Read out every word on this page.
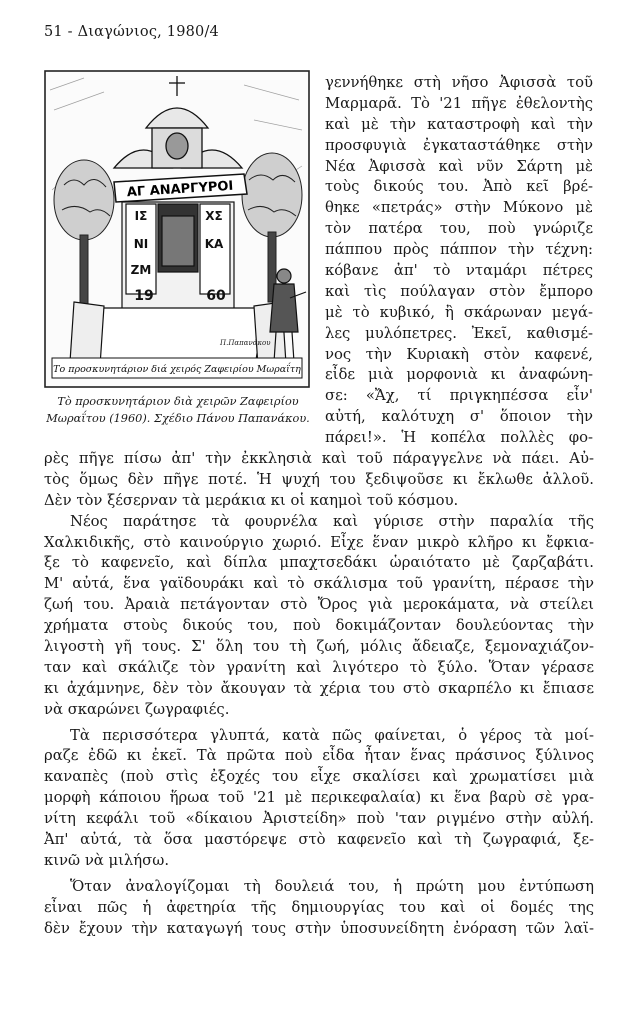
51 - Διαγώνιος, 1980/4
ΑΓ ΑΝΑΡΓΥΡΟΙ
ΙΣ	ΧΣ
ΝΙ	ΚΑ
ΖΜ
19	60
Π.Παπανάκου
Το προσκυνητάριον διά χειρός Ζαφειρίου Μωραΐτη
Τὸ προσκυνητάριον διὰ χειρῶν Ζαφειρίου
Μωραΐτου (1960). Σχέδιο Πάνου Παπανάκου.
γεννήθηκε στὴ νῆσο Ἀφισσὰ τοῦ
Μαρμαρᾶ. Τὸ '21 πῆγε ἐθελοντὴς
καὶ μὲ τὴν καταστροφὴ καὶ τὴν
προσφυγιὰ ἐγκαταστάθηκε στὴν
Νέα Ἀφισσὰ καὶ νῦν Σάρτη μὲ
τοὺς δικούς του. Ἀπὸ κεῖ βρέ-
θηκε «πετράς» στὴν Μύκονο μὲ
τὸν πατέρα του, ποὺ γνώριζε
πάππου πρὸς πάππον τὴν τέχνη:
κόβανε ἀπ' τὸ νταμάρι πέτρες
καὶ τὶς πούλαγαν στὸν ἔμπορο
μὲ τὸ κυβικό, ἢ σκάρωναν μεγά-
λες μυλόπετρες. Ἐκεῖ, καθισμέ-
νος τὴν Κυριακὴ στὸν καφενέ,
εἶδε μιὰ μορφονιὰ κι ἀναφώνη-
σε: «Ἄχ, τί πριγκηπέσσα εἶν'
αὐτή, καλότυχη σ' ὅποιον τὴν
πάρει!». Ἡ κοπέλα πολλὲς φο-
ρὲς πῆγε πίσω ἀπ' τὴν ἐκκλησιὰ καὶ τοῦ πάραγγελνε νὰ πάει. Αὐ-
τὸς ὅμως δὲν πῆγε ποτέ. Ἡ ψυχή του ξεδιψοῦσε κι ἔκλωθε ἀλλοῦ.
Δὲν τὸν ξέσερναν τὰ μεράκια κι οἱ καημοὶ τοῦ κόσμου.
Νέος παράτησε τὰ φουρνέλα καὶ γύρισε στὴν παραλία τῆς
Χαλκιδικῆς, στὸ καινούργιο χωριό. Εἶχε ἕναν μικρὸ κλῆρο κι ἔφκια-
ξε τὸ καφενεῖο, καὶ δίπλα μπαχτσεδάκι ὡραιότατο μὲ ζαρζαβάτι.
Μ' αὐτά, ἕνα γαϊδουράκι καὶ τὸ σκάλισμα τοῦ γρανίτη, πέρασε τὴν
ζωή του. Ἀραιὰ πετάγονταν στὸ Ὄρος γιὰ μεροκάματα, νὰ στείλει
χρήματα στοὺς δικούς του, ποὺ δοκιμάζονταν δουλεύοντας τὴν
λιγοστὴ γῆ τους. Σ' ὅλη του τὴ ζωή, μόλις ἄδειαζε, ξεμοναχιάζον-
ταν καὶ σκάλιζε τὸν γρανίτη καὶ λιγότερο τὸ ξύλο. Ὅταν γέρασε
κι ἀχάμνηνε, δὲν τὸν ἄκουγαν τὰ χέρια του στὸ σκαρπέλο κι ἔπιασε
νὰ σκαρώνει ζωγραφιές.
Τὰ περισσότερα γλυπτά, κατὰ πῶς φαίνεται, ὁ γέρος τὰ μοί-
ραζε ἐδῶ κι ἐκεῖ. Τὰ πρῶτα ποὺ εἶδα ἦταν ἕνας πράσινος ξύλινος
καναπὲς (ποὺ στὶς ἐξοχές του εἶχε σκαλίσει καὶ χρωματίσει μιὰ
μορφὴ κάποιου ἥρωα τοῦ '21 μὲ περικεφαλαία) κι ἕνα βαρὺ σὲ γρα-
νίτη κεφάλι τοῦ «δίκαιου Ἀριστείδη» ποὺ 'ταν ριγμένο στὴν αὐλή.
Ἀπ' αὐτά, τὰ ὅσα μαστόρεψε στὸ καφενεῖο καὶ τὴ ζωγραφιά, ξε-
κινῶ νὰ μιλήσω.
Ὅταν ἀναλογίζομαι τὴ δουλειά του, ἡ πρώτη μου ἐντύπωση
εἶναι πῶς ἡ ἀφετηρία τῆς δημιουργίας του καὶ οἱ δομές της
δὲν ἔχουν τὴν καταγωγή τους στὴν ὑποσυνείδητη ἐνόραση τῶν λαϊ-
